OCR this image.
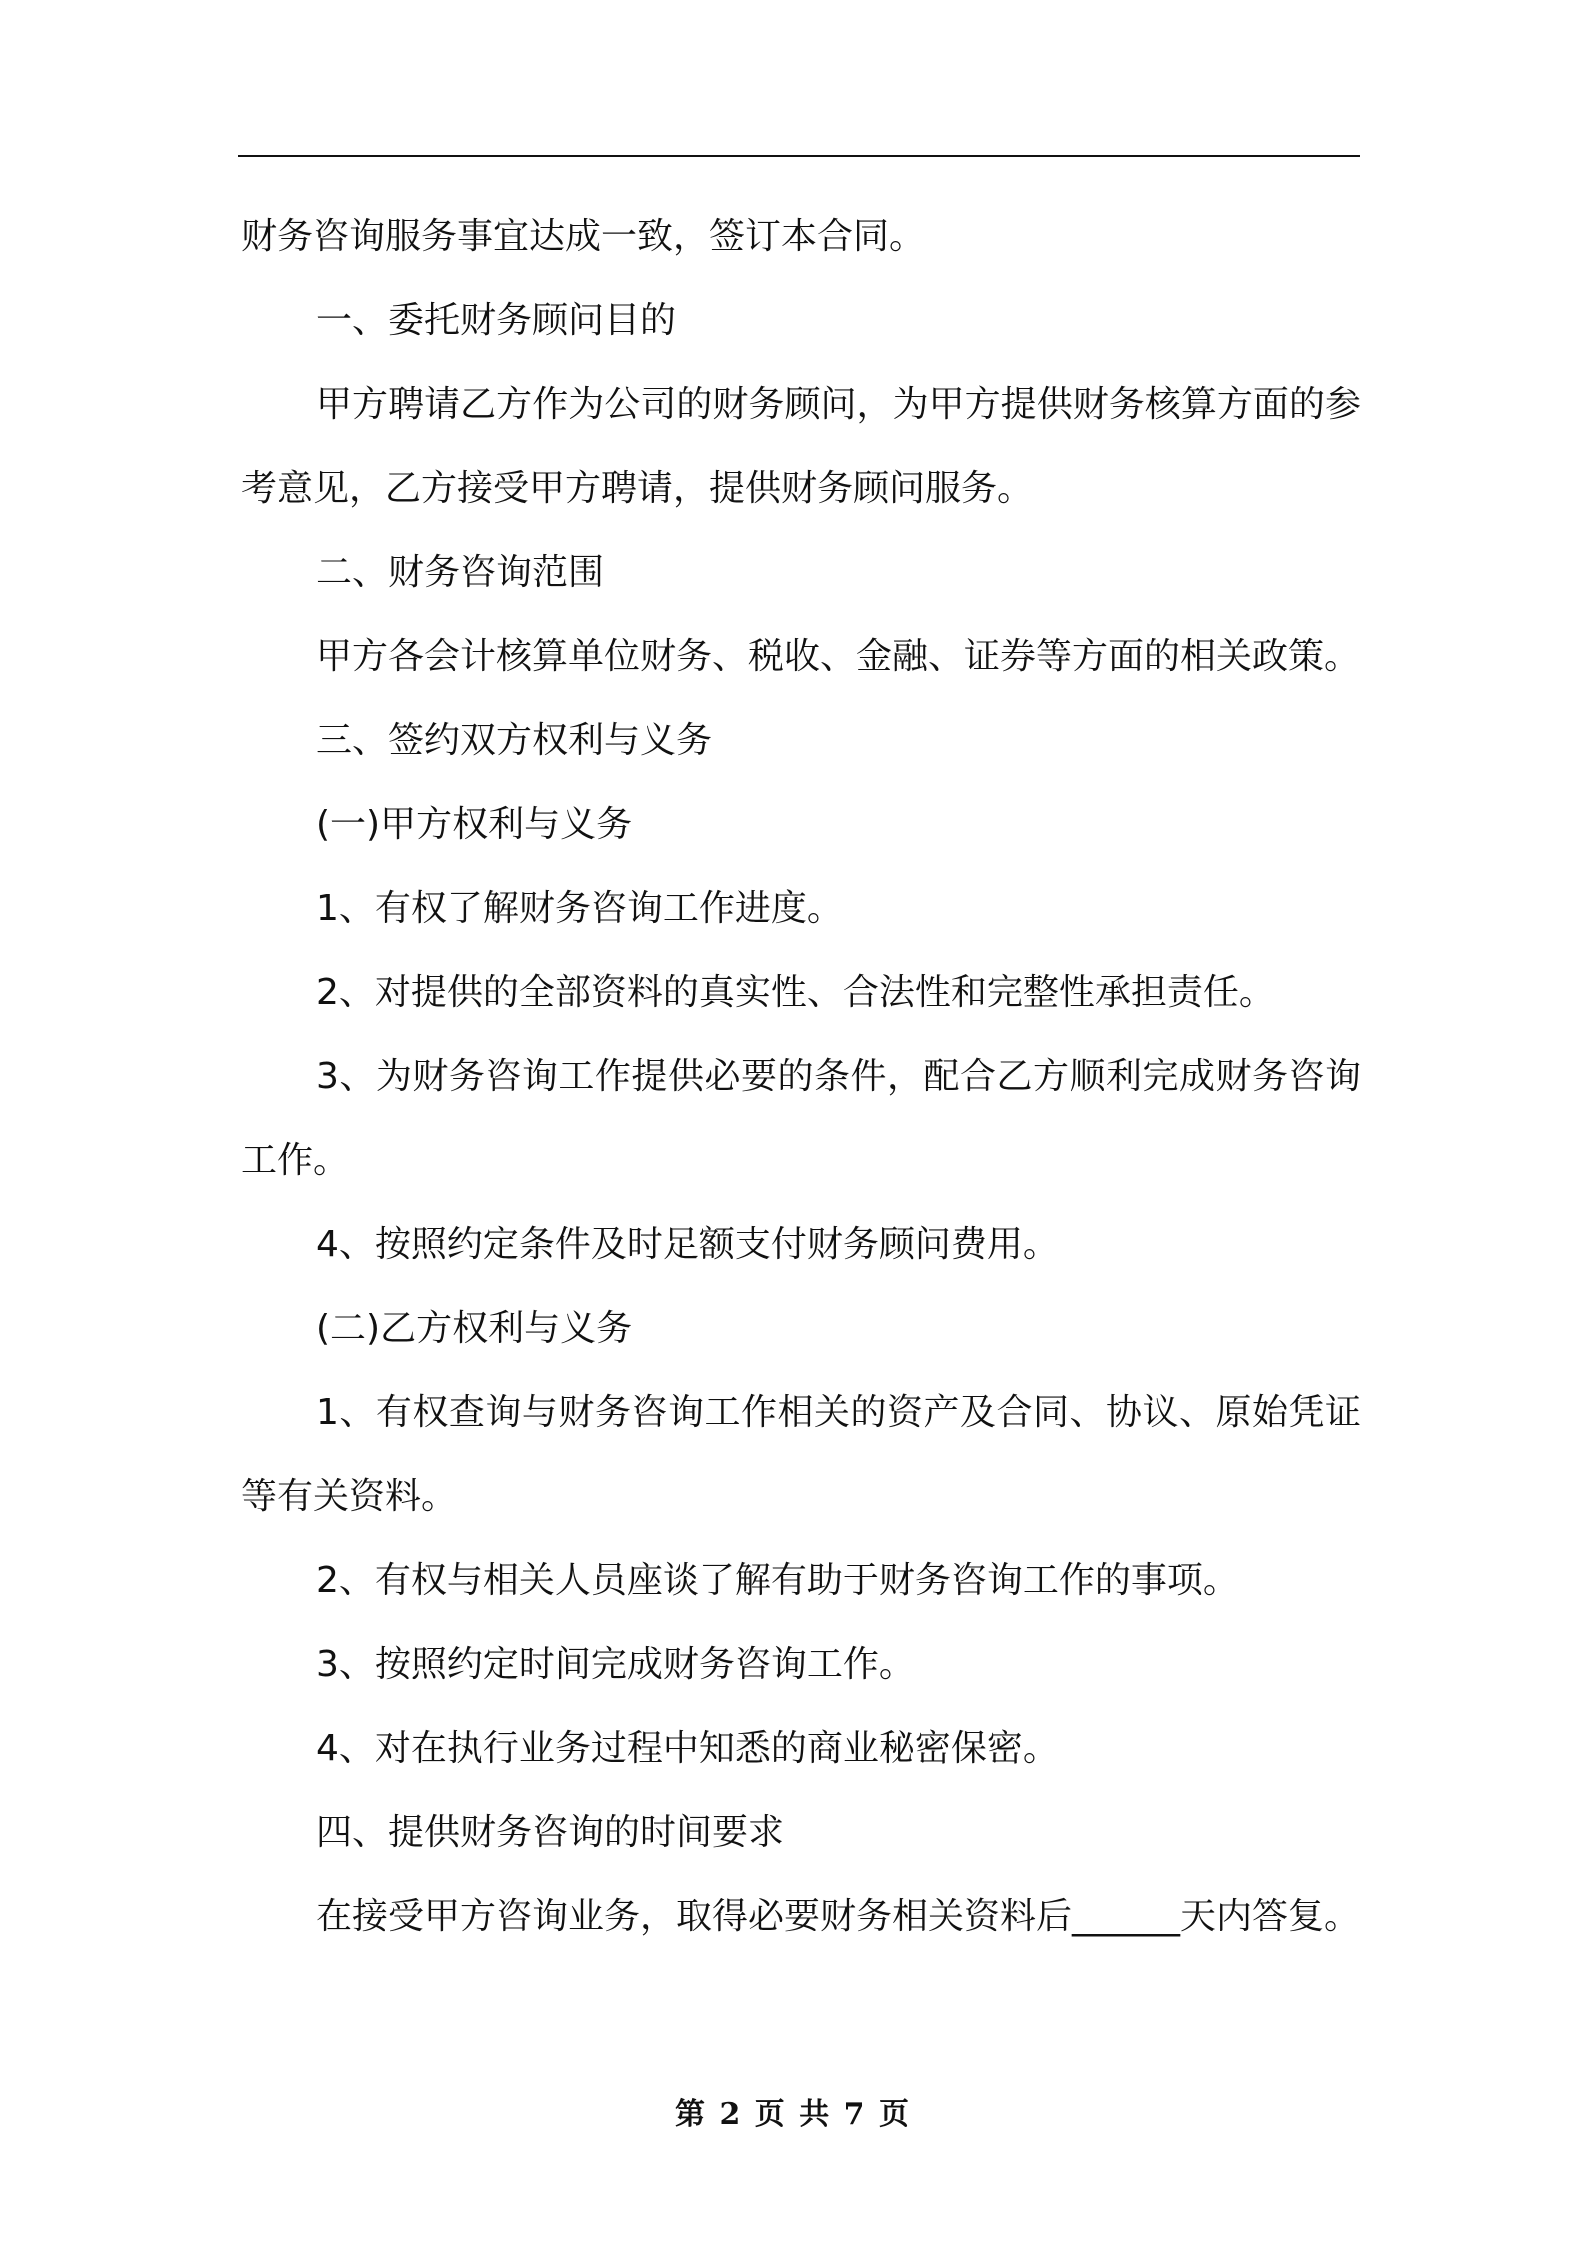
财务咨询服务事宜达成一致，签订本合同。

一、委托财务顾问目的

甲方聘请乙方作为公司的财务顾问，为甲方提供财务核算方面的参考意见，乙方接受甲方聘请，提供财务顾问服务。

二、财务咨询范围

甲方各会计核算单位财务、税收、金融、证券等方面的相关政策。

三、签约双方权利与义务

(一)甲方权利与义务

1、有权了解财务咨询工作进度。

2、对提供的全部资料的真实性、合法性和完整性承担责任。

3、为财务咨询工作提供必要的条件，配合乙方顺利完成财务咨询工作。

4、按照约定条件及时足额支付财务顾问费用。

(二)乙方权利与义务

1、有权查询与财务咨询工作相关的资产及合同、协议、原始凭证等有关资料。

2、有权与相关人员座谈了解有助于财务咨询工作的事项。

3、按照约定时间完成财务咨询工作。

4、对在执行业务过程中知悉的商业秘密保密。

四、提供财务咨询的时间要求

在接受甲方咨询业务，取得必要财务相关资料后______天内答复。

第 2 页 共 7 页
